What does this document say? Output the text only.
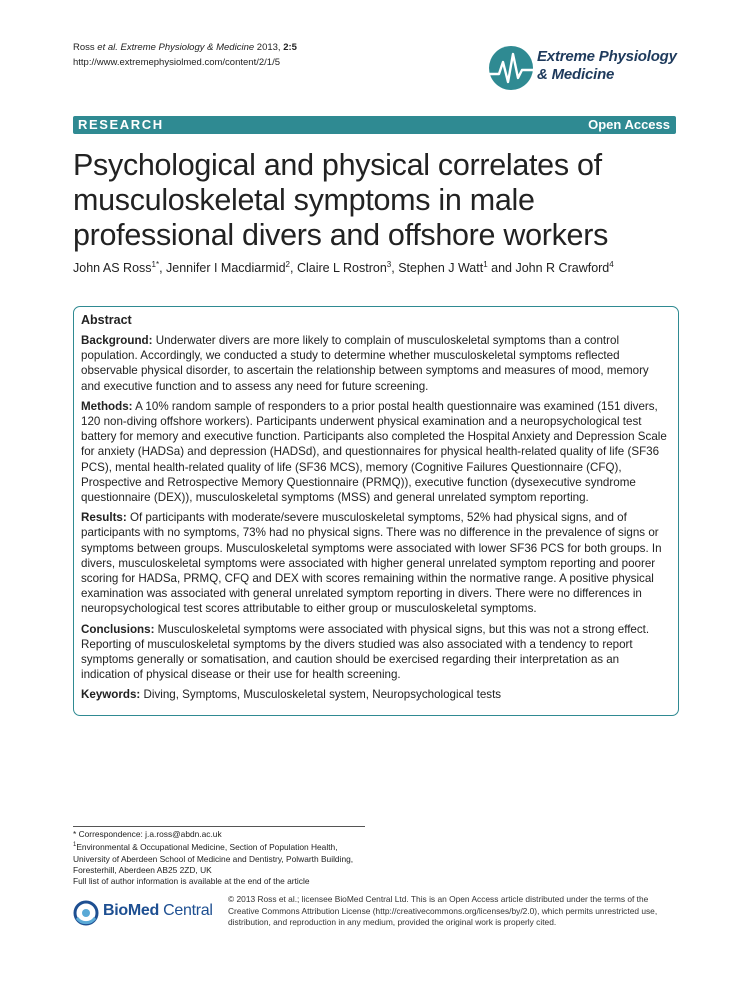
Ross et al. Extreme Physiology & Medicine 2013, 2:5
http://www.extremephysiolmed.com/content/2/1/5	Extreme Physiology
& Medicine
RESEARCH	Open Access
Psychological and physical correlates of musculoskeletal symptoms in male professional divers and offshore workers
John AS Ross$^{1*}$, Jennifer I Macdiarmid$^2$, Claire L Rostron$^3$, Stephen J Watt$^1$ and John R Crawford$^4$
Abstract

Background: Underwater divers are more likely to complain of musculoskeletal symptoms than a control population. Accordingly, we conducted a study to determine whether musculoskeletal symptoms reflected observable physical disorder, to ascertain the relationship between symptoms and measures of mood, memory and executive function and to assess any need for future screening.

Methods: A 10% random sample of responders to a prior postal health questionnaire was examined (151 divers, 120 non-diving offshore workers). Participants underwent physical examination and a neuropsychological test battery for memory and executive function. Participants also completed the Hospital Anxiety and Depression Scale for anxiety (HADSa) and depression (HADSd), and questionnaires for physical health-related quality of life (SF36 PCS), mental health-related quality of life (SF36 MCS), memory (Cognitive Failures Questionnaire (CFQ), Prospective and Retrospective Memory Questionnaire (PRMQ)), executive function (dysexecutive syndrome questionnaire (DEX)), musculoskeletal symptoms (MSS) and general unrelated symptom reporting.

Results: Of participants with moderate/severe musculoskeletal symptoms, 52% had physical signs, and of participants with no symptoms, 73% had no physical signs. There was no difference in the prevalence of signs or symptoms between groups. Musculoskeletal symptoms were associated with lower SF36 PCS for both groups. In divers, musculoskeletal symptoms were associated with higher general unrelated symptom reporting and poorer scoring for HADSa, PRMQ, CFQ and DEX with scores remaining within the normative range. A positive physical examination was associated with general unrelated symptom reporting in divers. There were no differences in neuropsychological test scores attributable to either group or musculoskeletal symptoms.

Conclusions: Musculoskeletal symptoms were associated with physical signs, but this was not a strong effect. Reporting of musculoskeletal symptoms by the divers studied was also associated with a tendency to report symptoms generally or somatisation, and caution should be exercised regarding their interpretation as an indication of physical disease or their use for health screening.

Keywords: Diving, Symptoms, Musculoskeletal system, Neuropsychological tests

* Correspondence: j.a.ross@abdn.ac.uk
$^1$Environmental & Occupational Medicine, Section of Population Health, University of Aberdeen School of Medicine and Dentistry, Polwarth Building, Foresterhill, Aberdeen AB25 2ZD, UK
Full list of author information is available at the end of the article
BioMed Central
© 2013 Ross et al.; licensee BioMed Central Ltd. This is an Open Access article distributed under the terms of the Creative Commons Attribution License (http://creativecommons.org/licenses/by/2.0), which permits unrestricted use, distribution, and reproduction in any medium, provided the original work is properly cited.
